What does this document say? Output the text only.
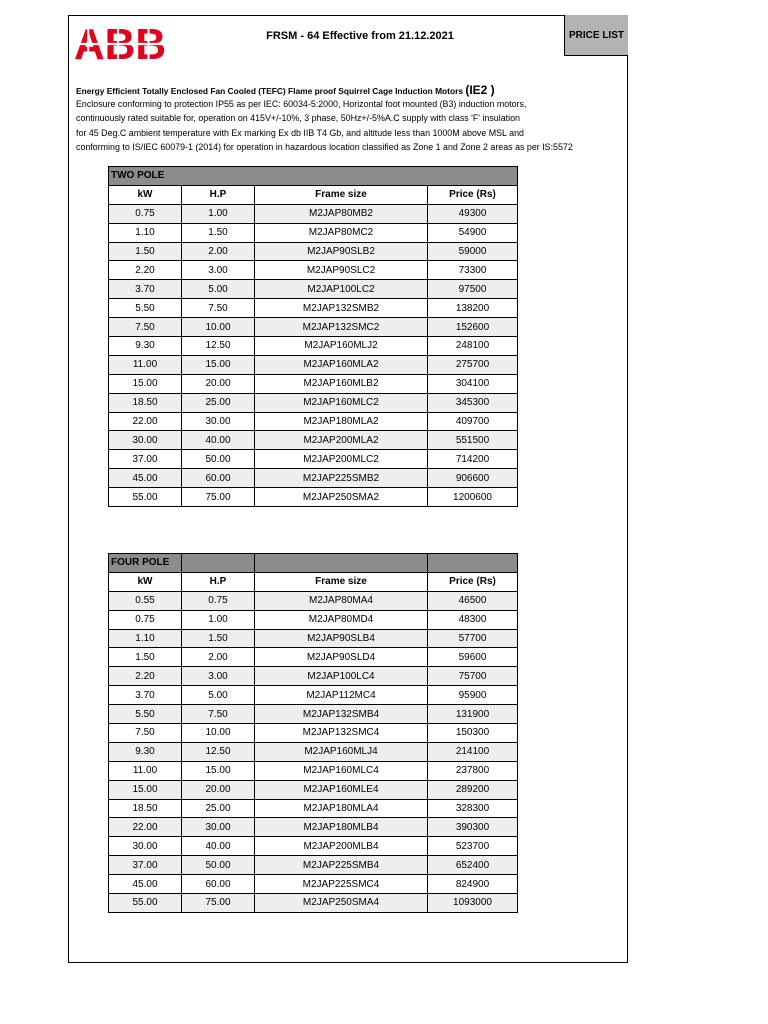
ABB	FRSM - 64 Effective from 21.12.2021	PRICE LIST
Energy Efficient Totally Enclosed Fan Cooled (TEFC) Flame proof Squirrel Cage Induction Motors (IE2 )
Enclosure conforming to protection IP55 as per IEC: 60034-5:2000, Horizontal foot mounted (B3) induction motors,
continuously rated suitable for, operation on 415V+/-10%, 3 phase, 50Hz+/-5%A.C supply with class 'F' insulation
for 45 Deg.C ambient temperature with Ex marking Ex db IIB T4 Gb, and altitude less than 1000M above MSL and
conforming to IS/IEC 60079-1 (2014) for operation in hazardous location classified as Zone 1 and Zone 2 areas as per IS:5572
TWO POLE			
kW	H.P	Frame size	Price (Rs)
0.75	1.00	M2JAP80MB2	49300
1.10	1.50	M2JAP80MC2	54900
1.50	2.00	M2JAP90SLB2	59000
2.20	3.00	M2JAP90SLC2	73300
3.70	5.00	M2JAP100LC2	97500
5.50	7.50	M2JAP132SMB2	138200
7.50	10.00	M2JAP132SMC2	152600
9.30	12.50	M2JAP160MLJ2	248100
11.00	15.00	M2JAP160MLA2	275700
15.00	20.00	M2JAP160MLB2	304100
18.50	25.00	M2JAP160MLC2	345300
22.00	30.00	M2JAP180MLA2	409700
30.00	40.00	M2JAP200MLA2	551500
37.00	50.00	M2JAP200MLC2	714200
45.00	60.00	M2JAP225SMB2	906600
55.00	75.00	M2JAP250SMA2	1200600
FOUR POLE			
kW	H.P	Frame size	Price (Rs)
0.55	0.75	M2JAP80MA4	46500
0.75	1.00	M2JAP80MD4	48300
1.10	1.50	M2JAP90SLB4	57700
1.50	2.00	M2JAP90SLD4	59600
2.20	3.00	M2JAP100LC4	75700
3.70	5.00	M2JAP112MC4	95900
5.50	7.50	M2JAP132SMB4	131900
7.50	10.00	M2JAP132SMC4	150300
9.30	12.50	M2JAP160MLJ4	214100
11.00	15.00	M2JAP160MLC4	237800
15.00	20.00	M2JAP160MLE4	289200
18.50	25.00	M2JAP180MLA4	328300
22.00	30.00	M2JAP180MLB4	390300
30.00	40.00	M2JAP200MLB4	523700
37.00	50.00	M2JAP225SMB4	652400
45.00	60.00	M2JAP225SMC4	824900
55.00	75.00	M2JAP250SMA4	1093000
